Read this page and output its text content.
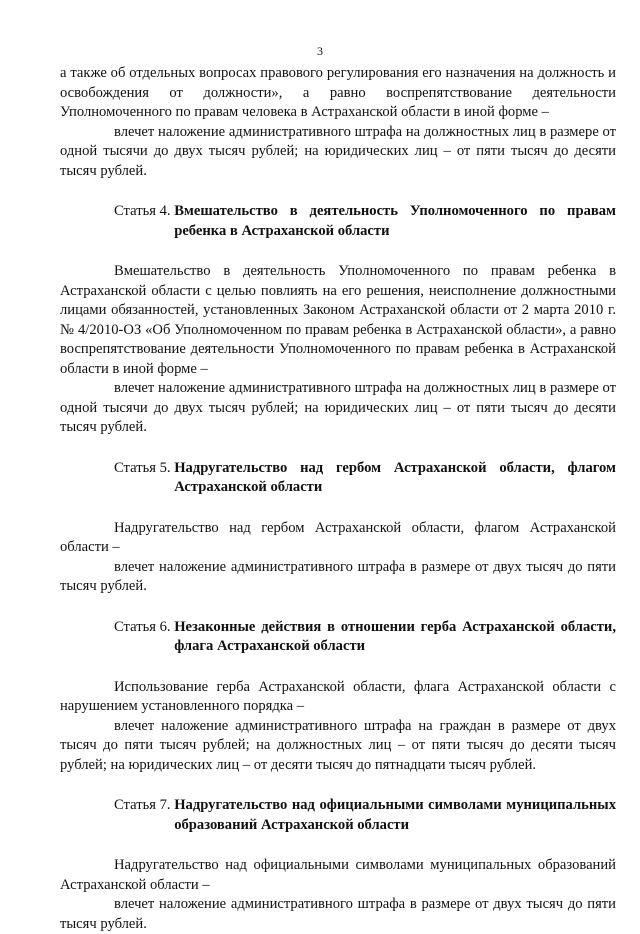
3

а также об отдельных вопросах правового регулирования его назначения на должность и освобождения от должности», а равно воспрепятствование деятельности Уполномоченного по правам человека в Астраханской области в иной форме –

влечет наложение административного штрафа на должностных лиц в размере от одной тысячи до двух тысяч рублей; на юридических лиц – от пяти тысяч до десяти тысяч рублей.

Статья 4.
Вмешательство в деятельность Уполномоченного по правам ребенка в Астраханской области

Вмешательство в деятельность Уполномоченного по правам ребенка в Астраханской области с целью повлиять на его решения, неисполнение должностными лицами обязанностей, установленных Законом Астраханской области от 2 марта 2010 г. № 4/2010-ОЗ «Об Уполномоченном по правам ребенка в Астраханской области», а равно воспрепятствование деятельности Уполномоченного по правам ребенка в Астраханской области в иной форме –

влечет наложение административного штрафа на должностных лиц в размере от одной тысячи до двух тысяч рублей; на юридических лиц – от пяти тысяч до десяти тысяч рублей.

Статья 5.
Надругательство над гербом Астраханской области, флагом Астраханской области

Надругательство над гербом Астраханской области, флагом Астраханской области –

влечет наложение административного штрафа в размере от двух тысяч до пяти тысяч рублей.

Статья 6.
Незаконные действия в отношении герба Астраханской области, флага Астраханской области

Использование герба Астраханской области, флага Астраханской области с нарушением установленного порядка –

влечет наложение административного штрафа на граждан в размере от двух тысяч до пяти тысяч рублей; на должностных лиц – от пяти тысяч до десяти тысяч рублей; на юридических лиц – от десяти тысяч до пятнадцати тысяч рублей.

Статья 7.
Надругательство над официальными символами муниципальных образований Астраханской области

Надругательство над официальными символами муниципальных образований Астраханской области –

влечет наложение административного штрафа в размере от двух тысяч до пяти тысяч рублей.
